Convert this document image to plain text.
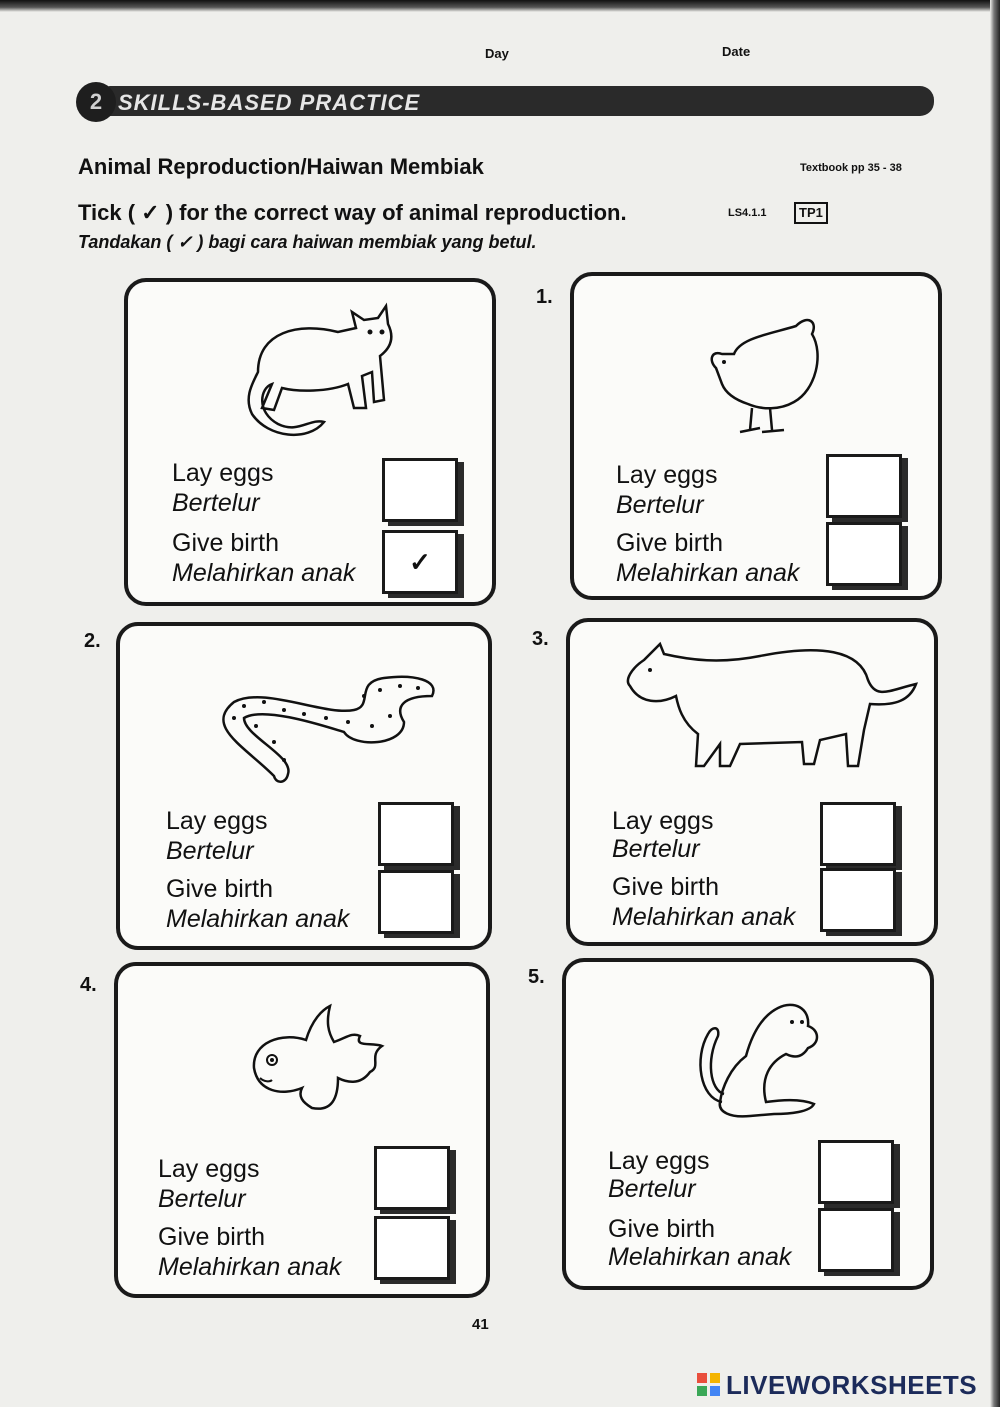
Day	Date
2 SKILLS-BASED PRACTICE
Animal Reproduction/Haiwan Membiak	Textbook pp 35 - 38
Tick ( ✓ ) for the correct way of animal reproduction.	LS4.1.1	TP1
Tandakan ( ✓ ) bagi cara haiwan membiak yang betul.
Lay eggs
Bertelur
Give birth
Melahirkan anak	✓
1.
Lay eggs
Bertelur
Give birth
Melahirkan anak
2.
Lay eggs
Bertelur
Give birth
Melahirkan anak
3.
Lay eggs
Bertelur
Give birth
Melahirkan anak
4.
Lay eggs
Bertelur
Give birth
Melahirkan anak
5.
Lay eggs
Bertelur
Give birth
Melahirkan anak
41
LIVEWORKSHEETS
